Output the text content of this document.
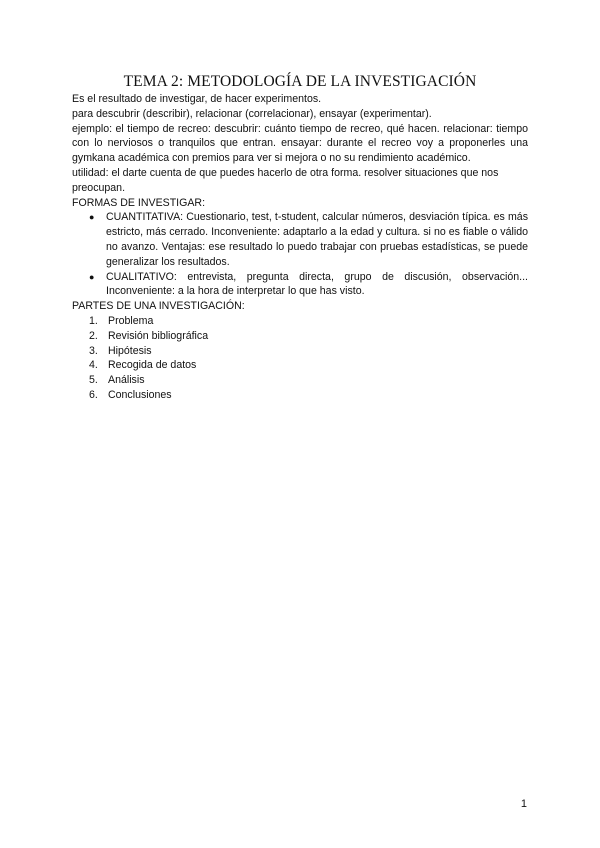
TEMA 2: METODOLOGÍA DE LA INVESTIGACIÓN

Es el resultado de investigar, de hacer experimentos.

para descubrir (describir), relacionar (correlacionar), ensayar (experimentar).

ejemplo: el tiempo de recreo: descubrir: cuánto tiempo de recreo, qué hacen. relacionar: tiempo con lo nerviosos o tranquilos que entran. ensayar: durante el recreo voy a proponerles una gymkana académica con premios para ver si mejora o no su rendimiento académico.

utilidad: el darte cuenta de que puedes hacerlo de otra forma. resolver situaciones que nos preocupan.

FORMAS DE INVESTIGAR:

● CUANTITATIVA: Cuestionario, test, t-student, calcular números, desviación típica. es más estricto, más cerrado. Inconveniente: adaptarlo a la edad y cultura. si no es fiable o válido no avanzo. Ventajas: ese resultado lo puedo trabajar con pruebas estadísticas, se puede generalizar los resultados.
● CUALITATIVO: entrevista, pregunta directa, grupo de discusión, observación... Inconveniente: a la hora de interpretar lo que has visto.

PARTES DE UNA INVESTIGACIÓN:

1. Problema
2. Revisión bibliográfica
3. Hipótesis
4. Recogida de datos
5. Análisis
6. Conclusiones
1
